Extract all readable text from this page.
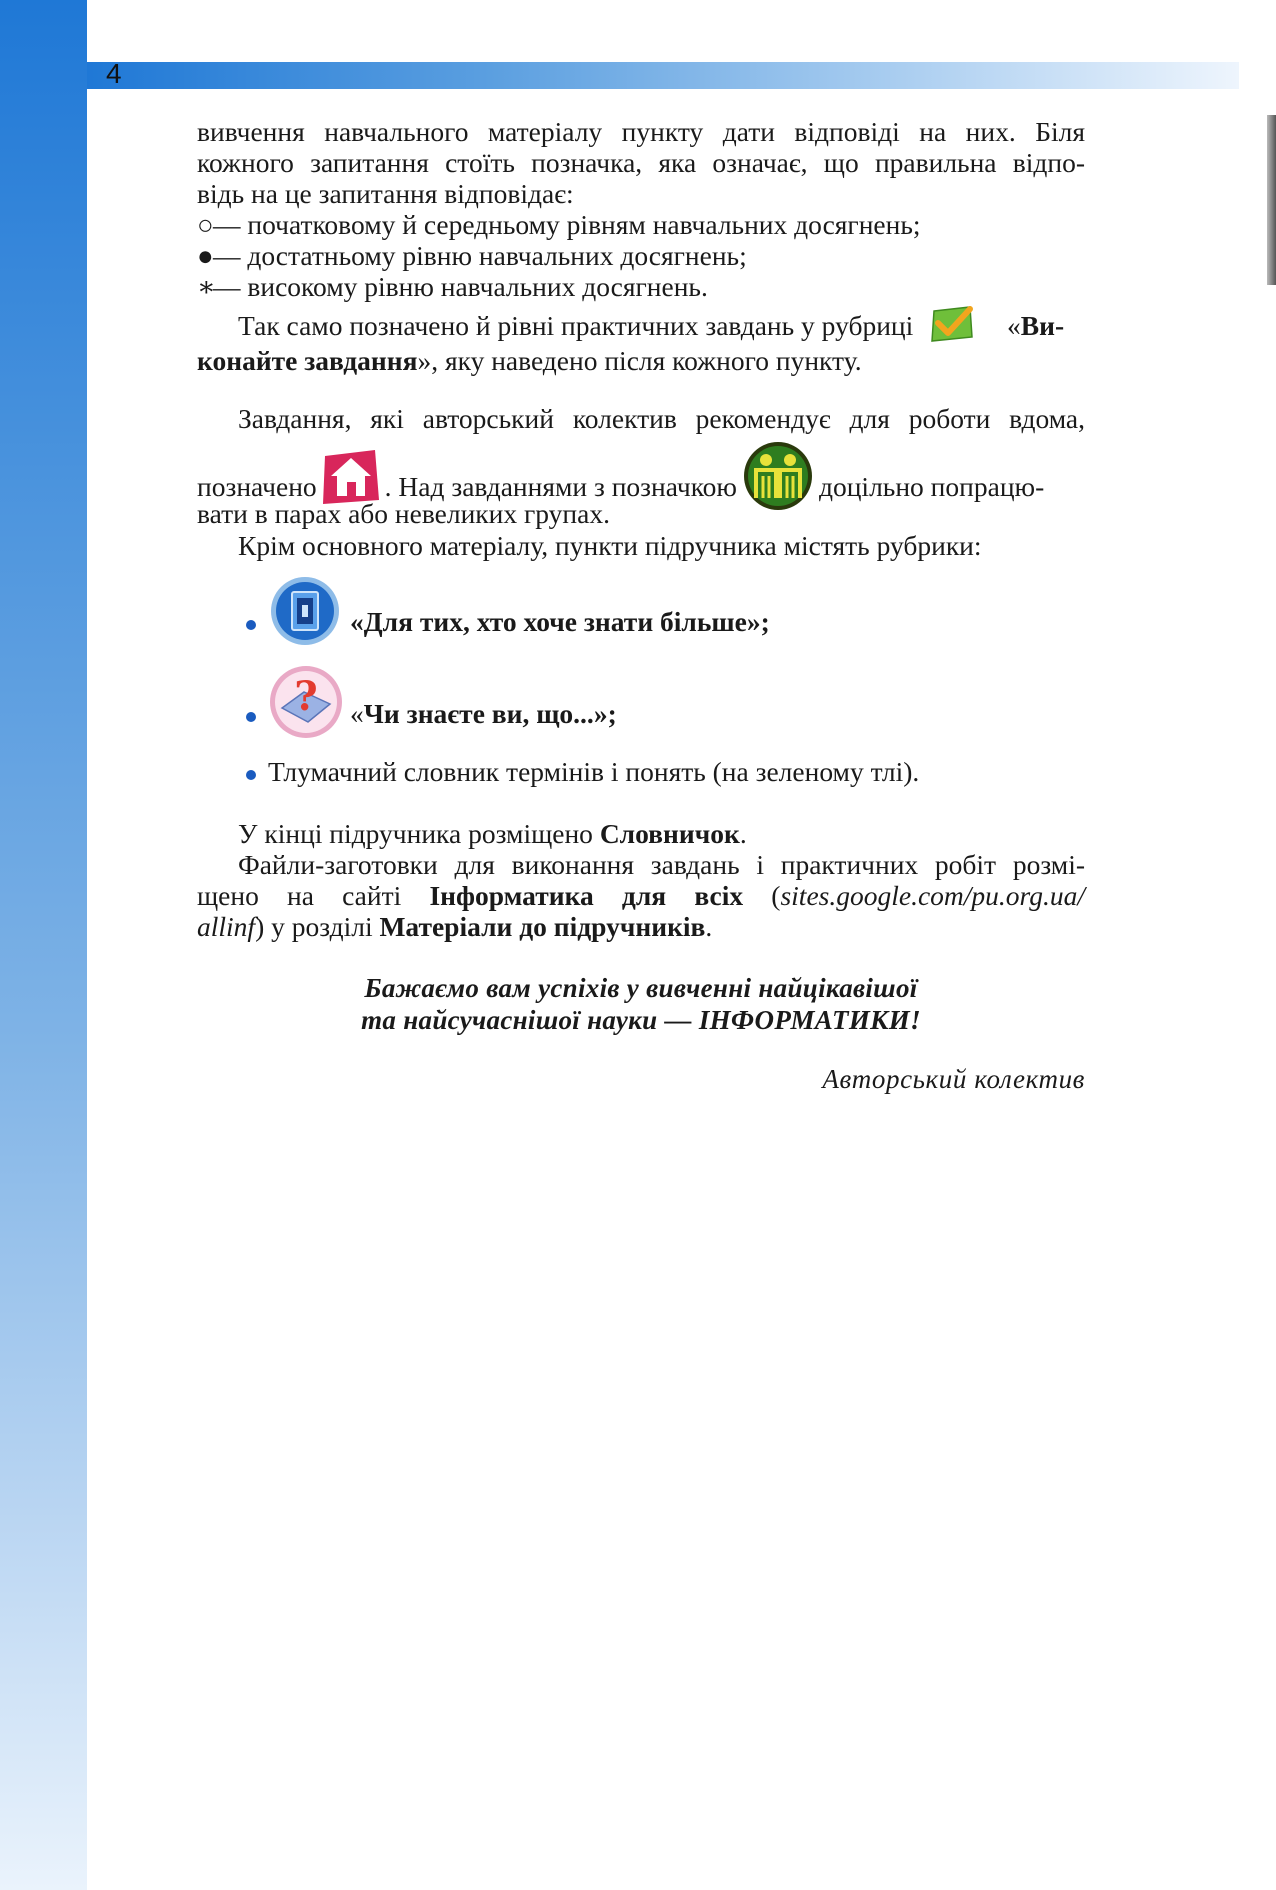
4
вивчення навчального матеріалу пункту дати відповіді на них. Біля
кожного запитання стоїть позначка, яка означає, що правильна відпо-
відь на це запитання відповідає:
○— початковому й середньому рівням навчальних досягнень;
●— достатньому рівню навчальних досягнень;
∗— високому рівню навчальних досягнень.
Так само позначено й рівні практичних завдань у рубриці	«Ви-
конайте завдання», яку наведено після кожного пункту.
Завдання, які авторський колектив рекомендує для роботи вдома,
позначено . Над завданнями з позначкою	доцільно попрацю-
вати в парах або невеликих групах.
Крім основного матеріалу, пункти підручника містять рубрики:
«Для тих, хто хоче знати більше»;
? «Чи знаєте ви, що...»;
Тлумачний словник термінів і понять (на зеленому тлі).
У кінці підручника розміщено Словничок.
Файли-заготовки для виконання завдань і практичних робіт розмі-
щено на сайті Інформатика для всіх (sites.google.com/pu.org.ua/
allinf) у розділі Матеріали до підручників.
Бажаємо вам успіхів у вивченні найцікавішої
та найсучаснішої науки — ІНФОРМАТИКИ!
Авторський колектив
